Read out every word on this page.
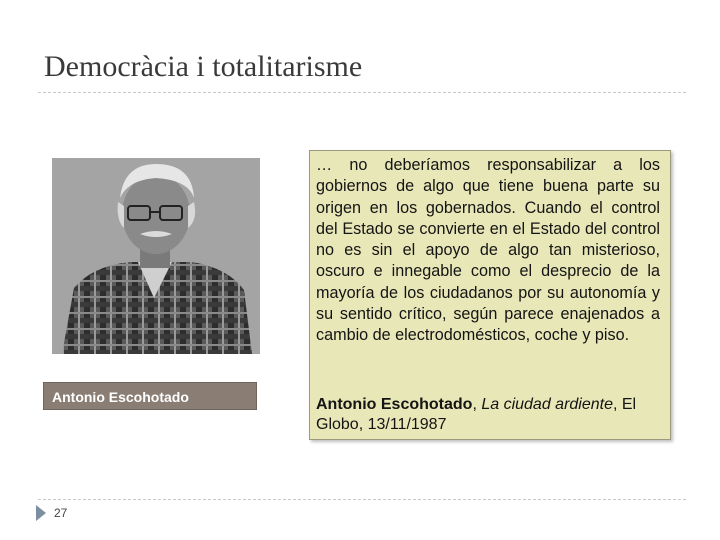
Democràcia i totalitarisme
Antonio Escohotado

… no deberíamos responsabilizar a los gobiernos de algo que tiene buena parte su origen en los gobernados. Cuando el control del Estado se convierte en el Estado del control no es sin el apoyo de algo tan misterioso, oscuro e innegable como el desprecio de la mayoría de los ciudadanos por su autonomía y su sentido crítico, según parece enajenados a cambio de electrodomésticos, coche y piso.

Antonio Escohotado, La ciudad ardiente, El Globo, 13/11/1987

27
